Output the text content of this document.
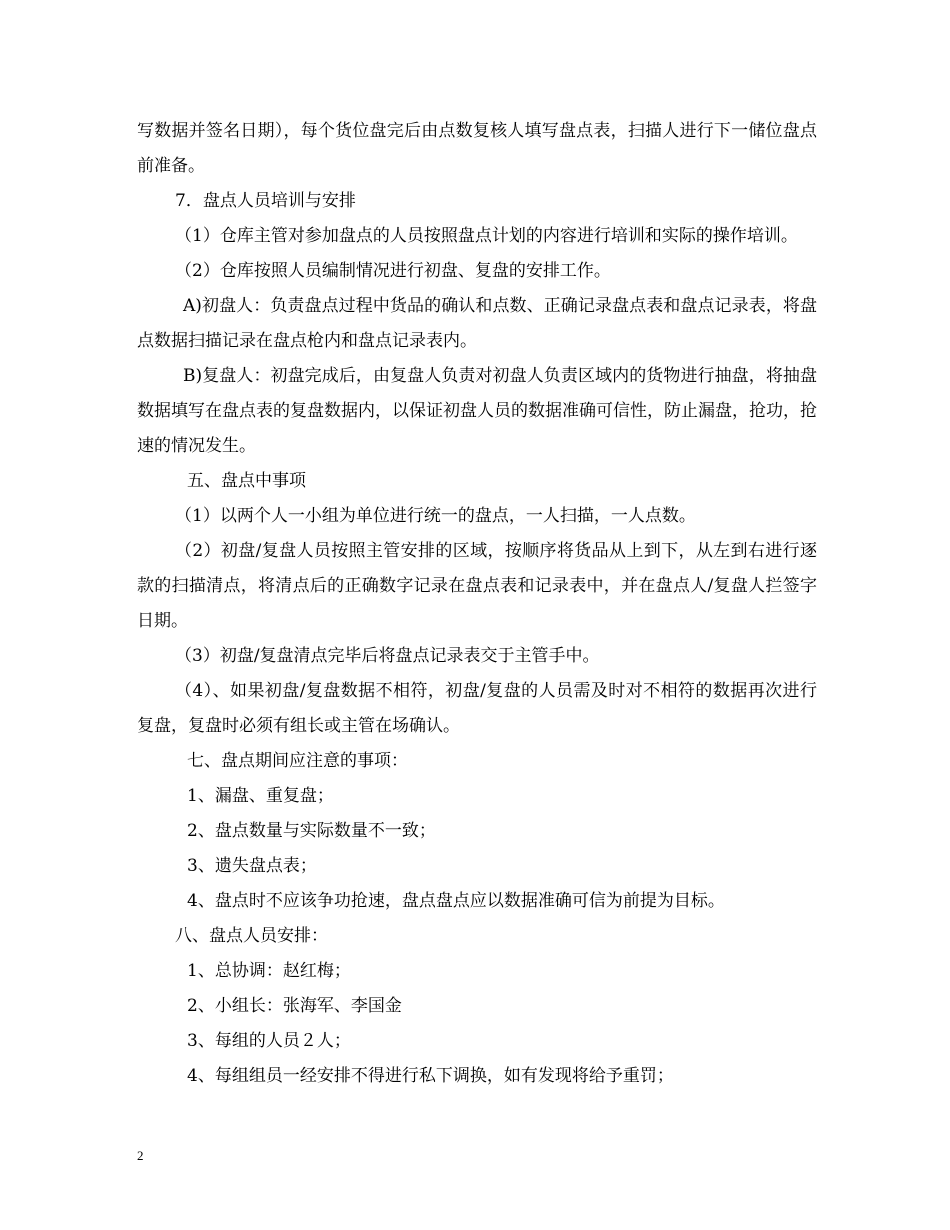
写数据并签名日期），每个货位盘完后由点数复核人填写盘点表，扫描人进行下一储位盘点前准备。

7．盘点人员培训与安排

（1）仓库主管对参加盘点的人员按照盘点计划的内容进行培训和实际的操作培训。

（2）仓库按照人员编制情况进行初盘、复盘的安排工作。

A)初盘人：负责盘点过程中货品的确认和点数、正确记录盘点表和盘点记录表，将盘点数据扫描记录在盘点枪内和盘点记录表内。

B)复盘人：初盘完成后，由复盘人负责对初盘人负责区域内的货物进行抽盘，将抽盘数据填写在盘点表的复盘数据内，以保证初盘人员的数据准确可信性，防止漏盘，抢功，抢速的情况发生。

五、盘点中事项

（1）以两个人一小组为单位进行统一的盘点，一人扫描，一人点数。

（2）初盘/复盘人员按照主管安排的区域，按顺序将货品从上到下，从左到右进行逐款的扫描清点，将清点后的正确数字记录在盘点表和记录表中，并在盘点人/复盘人拦签字日期。

（3）初盘/复盘清点完毕后将盘点记录表交于主管手中。

（4）、如果初盘/复盘数据不相符，初盘/复盘的人员需及时对不相符的数据再次进行复盘，复盘时必须有组长或主管在场确认。

七、盘点期间应注意的事项：

1、漏盘、重复盘；

2、盘点数量与实际数量不一致；

3、遗失盘点表；

4、盘点时不应该争功抢速，盘点盘点应以数据准确可信为前提为目标。

八、盘点人员安排：

1、总协调：赵红梅；

2、小组长：张海军、李国金

3、每组的人员２人；

4、每组组员一经安排不得进行私下调换，如有发现将给予重罚；

2
